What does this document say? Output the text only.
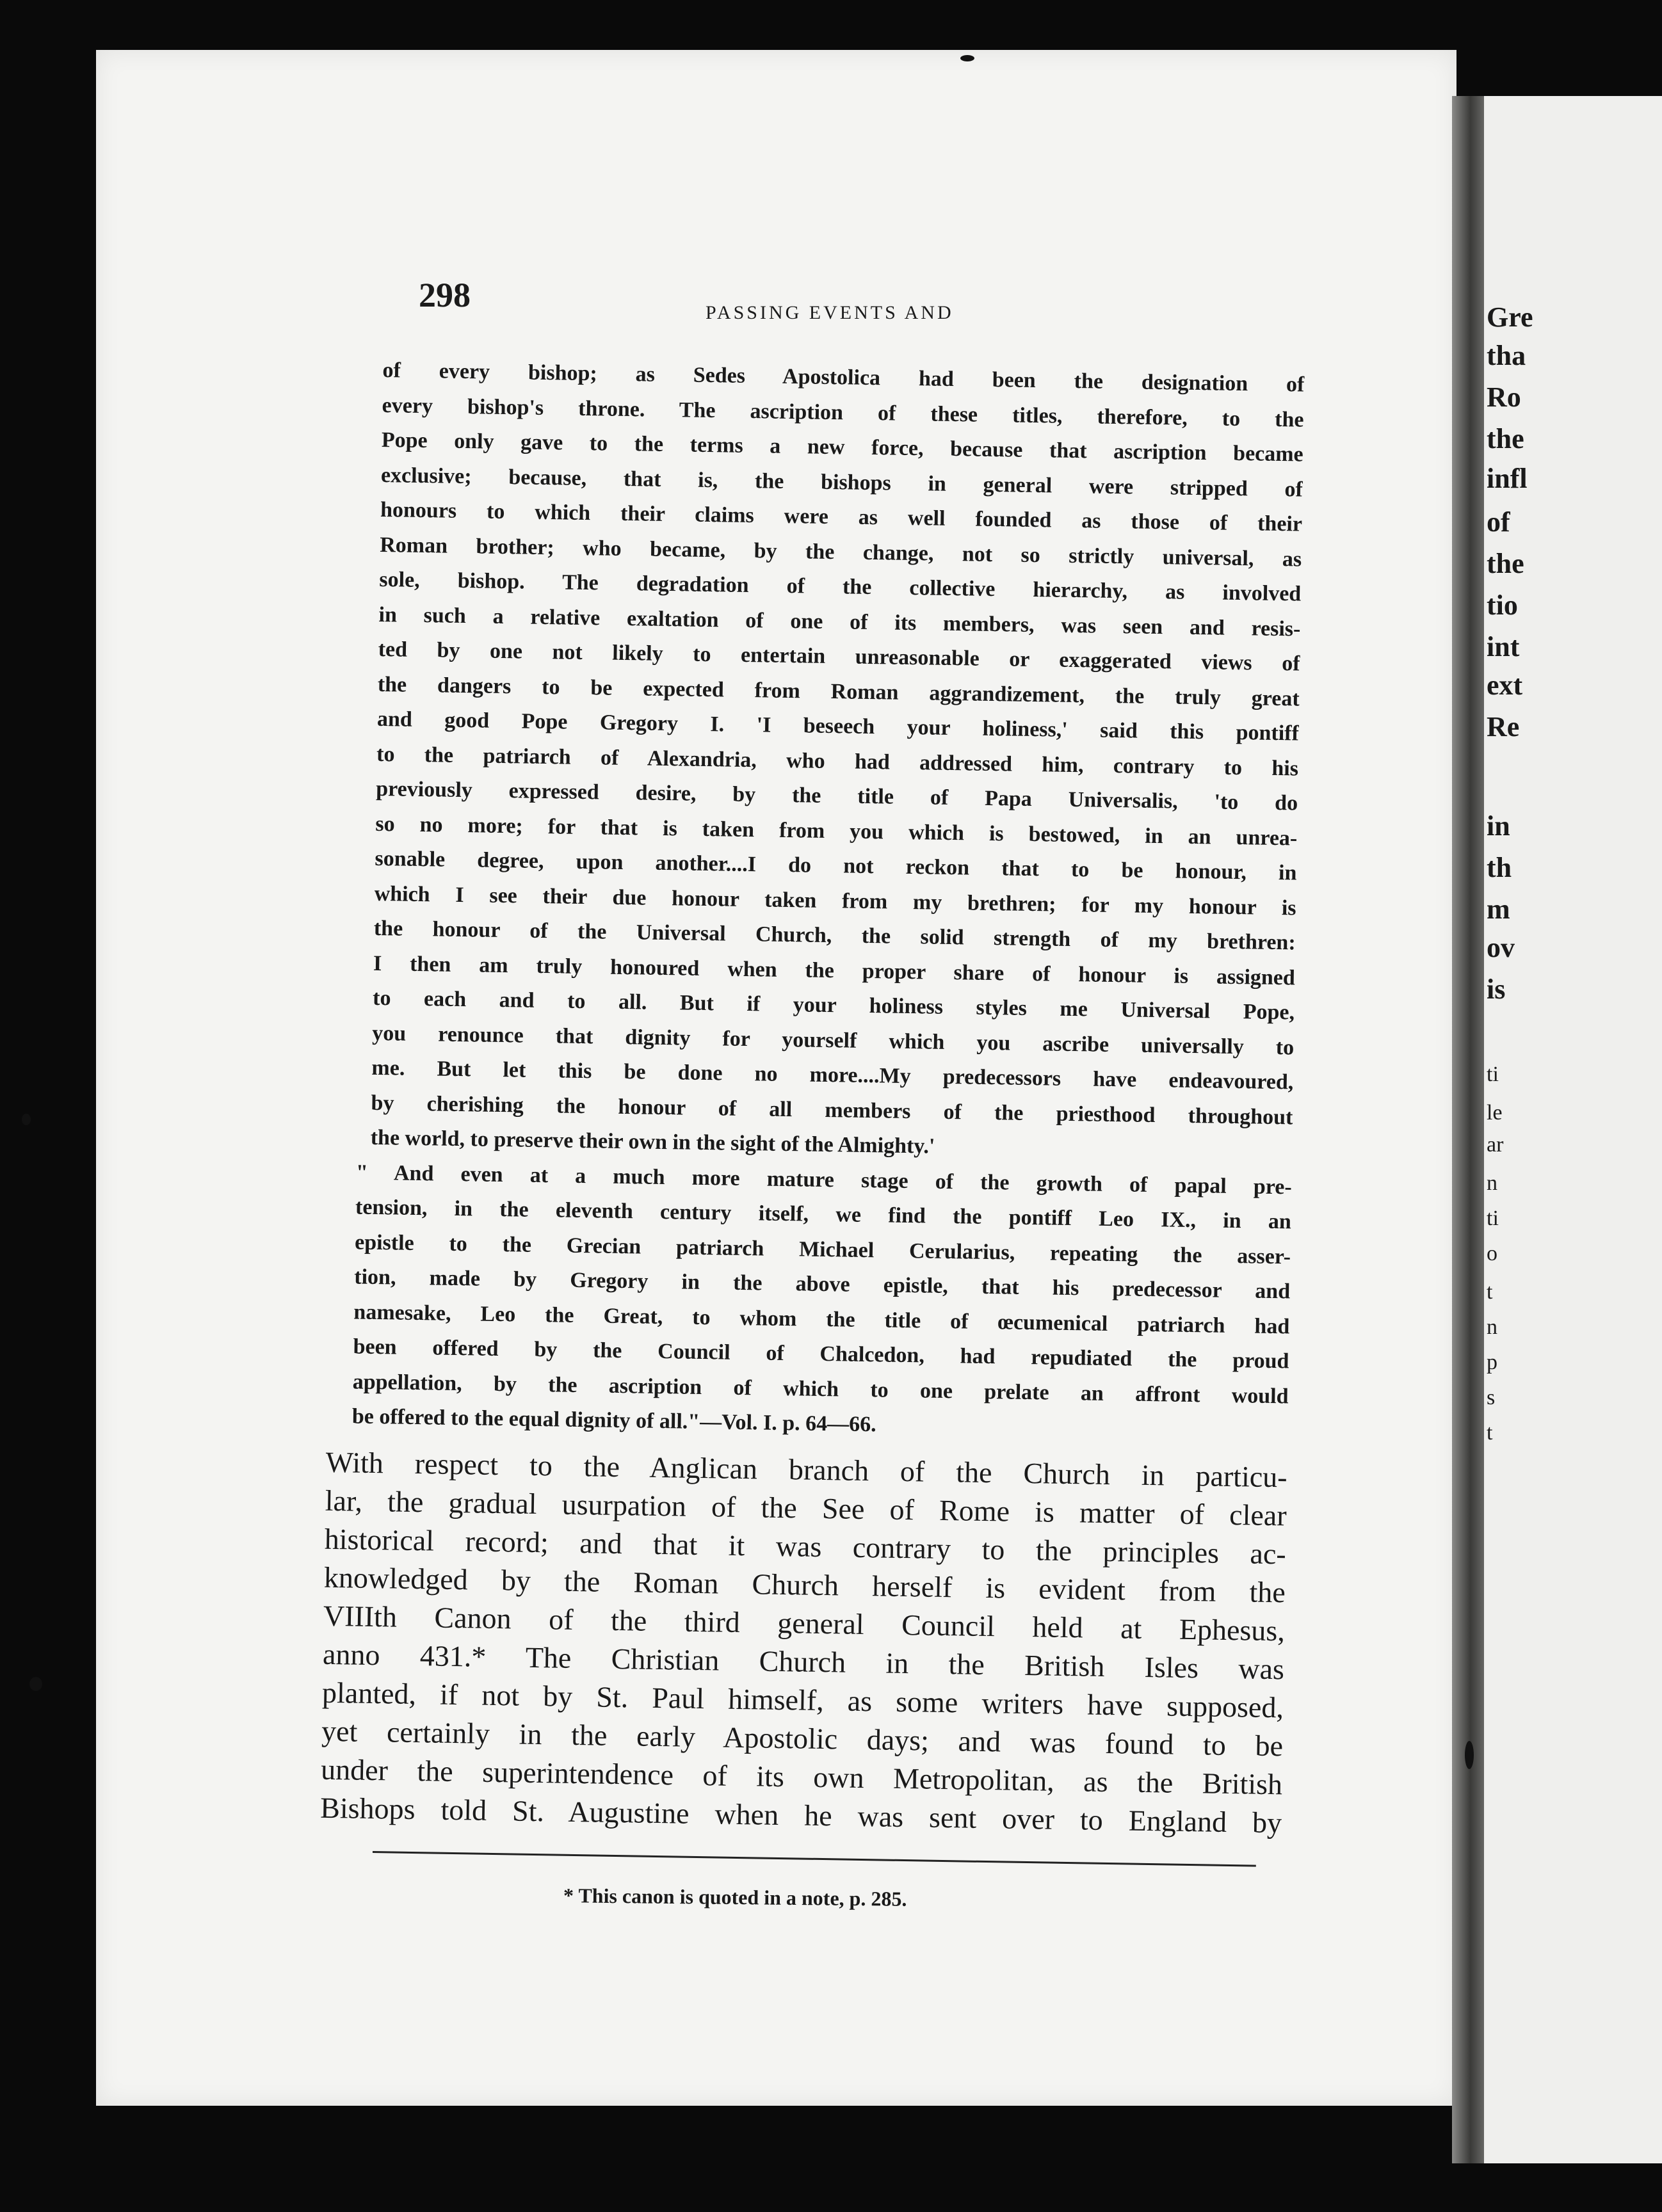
Gre
tha
Ro
the
infl
of
the
tio
int
ext
Re
in
th
m
ov
is
ti
le
ar
n
ti
o
t
n
p
s
t
298	PASSING EVENTS AND
of every bishop; as Sedes Apostolica had been the designation of
every bishop's throne. The ascription of these titles, therefore, to the
Pope only gave to the terms a new force, because that ascription became
exclusive; because, that is, the bishops in general were stripped of
honours to which their claims were as well founded as those of their
Roman brother; who became, by the change, not so strictly universal, as
sole, bishop. The degradation of the collective hierarchy, as involved
in such a relative exaltation of one of its members, was seen and resis-
ted by one not likely to entertain unreasonable or exaggerated views of
the dangers to be expected from Roman aggrandizement, the truly great
and good Pope Gregory I. 'I beseech your holiness,' said this pontiff
to the patriarch of Alexandria, who had addressed him, contrary to his
previously expressed desire, by the title of Papa Universalis, 'to do
so no more; for that is taken from you which is bestowed, in an unrea-
sonable degree, upon another....I do not reckon that to be honour, in
which I see their due honour taken from my brethren; for my honour is
the honour of the Universal Church, the solid strength of my brethren:
I then am truly honoured when the proper share of honour is assigned
to each and to all. But if your holiness styles me Universal Pope,
you renounce that dignity for yourself which you ascribe universally to
me. But let this be done no more....My predecessors have endeavoured,
by cherishing the honour of all members of the priesthood throughout
the world, to preserve their own in the sight of the Almighty.'
" And even at a much more mature stage of the growth of papal pre-
tension, in the eleventh century itself, we find the pontiff Leo IX., in an
epistle to the Grecian patriarch Michael Cerularius, repeating the asser-
tion, made by Gregory in the above epistle, that his predecessor and
namesake, Leo the Great, to whom the title of œcumenical patriarch had
been offered by the Council of Chalcedon, had repudiated the proud
appellation, by the ascription of which to one prelate an affront would
be offered to the equal dignity of all."—Vol. I. p. 64—66.
With respect to the Anglican branch of the Church in particu-
lar, the gradual usurpation of the See of Rome is matter of clear
historical record; and that it was contrary to the principles ac-
knowledged by the Roman Church herself is evident from the
VIIIth Canon of the third general Council held at Ephesus,
anno 431.* The Christian Church in the British Isles was
planted, if not by St. Paul himself, as some writers have supposed,
yet certainly in the early Apostolic days; and was found to be
under the superintendence of its own Metropolitan, as the British
Bishops told St. Augustine when he was sent over to England by
* This canon is quoted in a note, p. 285.
